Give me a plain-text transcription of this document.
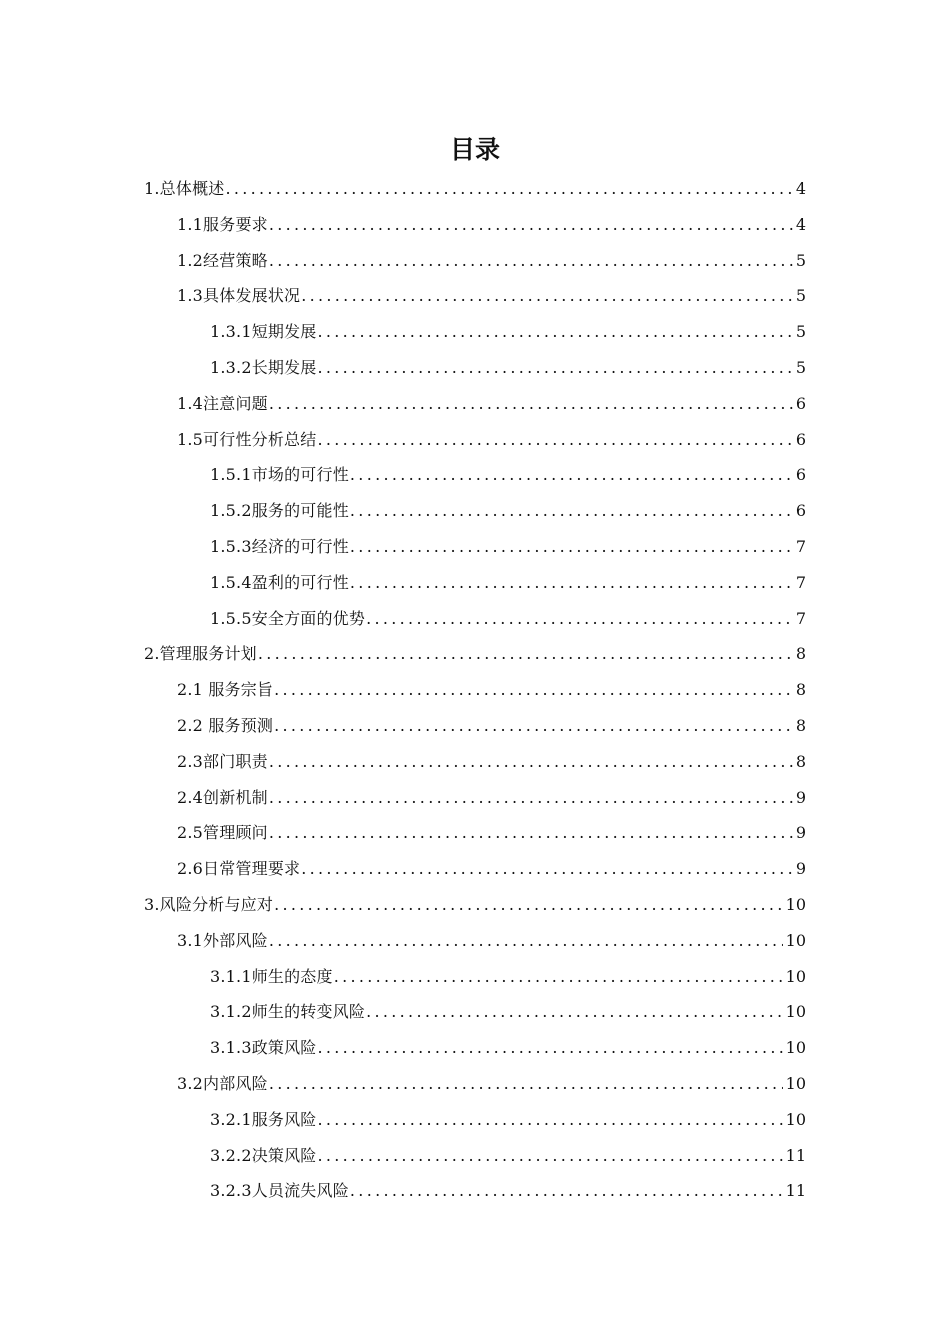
目录
1.总体概述 .....	4
1.1服务要求 .....	4
1.2经营策略 .....	5
1.3具体发展状况 .....	5
1.3.1短期发展 .....	5
1.3.2长期发展 .....	5
1.4注意问题 .....	6
1.5可行性分析总结 .....	6
1.5.1市场的可行性 .....	6
1.5.2服务的可能性 .....	6
1.5.3经济的可行性 .....	7
1.5.4盈利的可行性 .....	7
1.5.5安全方面的优势 .....	7
2.管理服务计划 .....	8
2.1 服务宗旨 .....	8
2.2 服务预测 .....	8
2.3部门职责 .....	8
2.4创新机制 .....	9
2.5管理顾问 .....	9
2.6日常管理要求 .....	9
3.风险分析与应对 .....	10
3.1外部风险 .....	10
3.1.1师生的态度 .....	10
3.1.2师生的转变风险 .....	10
3.1.3政策风险 .....	10
3.2内部风险 .....	10
3.2.1服务风险 .....	10
3.2.2决策风险 .....	11
3.2.3人员流失风险 .....	11
